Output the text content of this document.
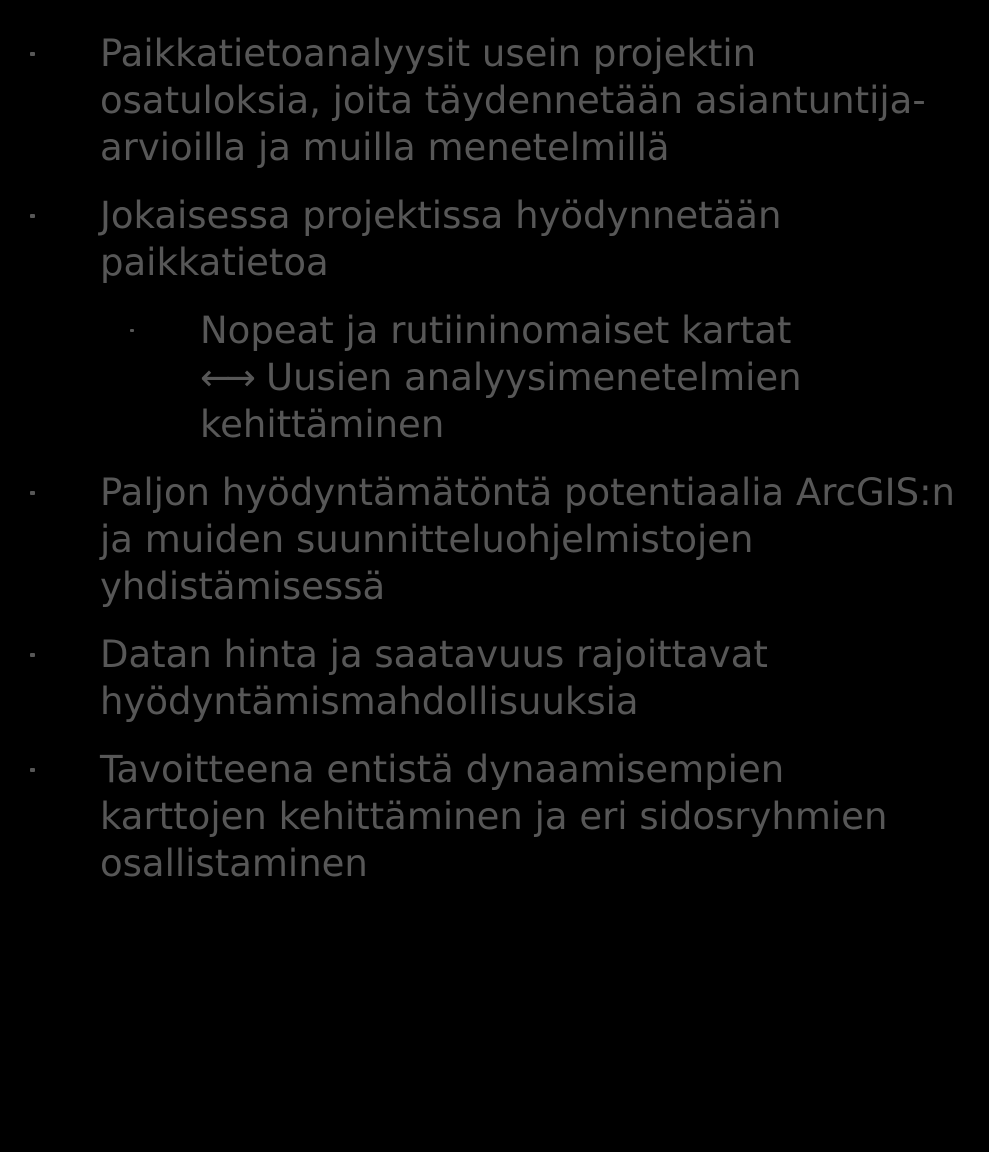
Paikkatietoanalyysit usein projektin osatuloksia, joita täydennetään asiantuntija-arvioilla ja muilla menetelmillä
Jokaisessa projektissa hyödynnetään paikkatietoa
Nopeat ja rutiininomaiset kartat
←→ Uusien analyysimenetelmien kehittäminen
Paljon hyödyntämätöntä potentiaalia ArcGIS:n ja muiden suunnitteluohjelmistojen yhdistämisessä
Datan hinta ja saatavuus rajoittavat hyödyntämismahdollisuuksia
Tavoitteena entistä dynaamisempien karttojen kehittäminen ja eri sidosryhmien osallistaminen
